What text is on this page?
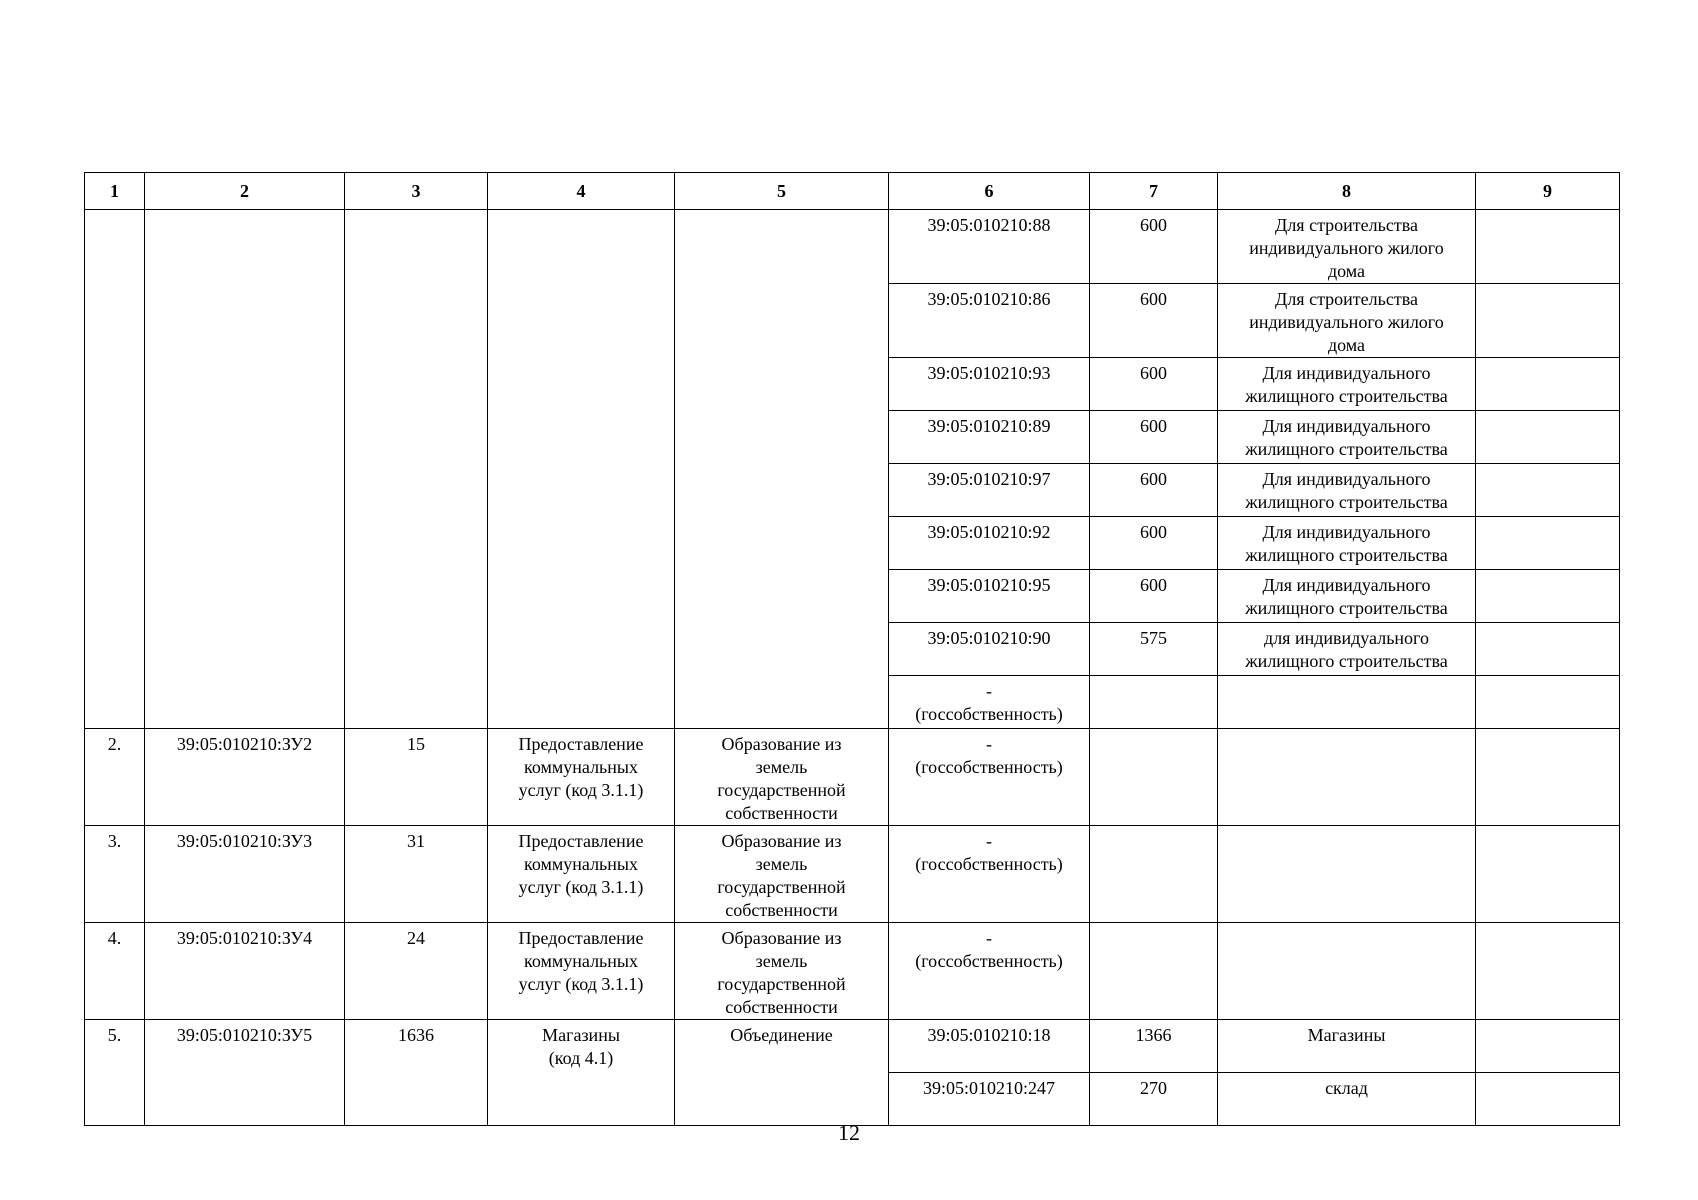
1	2	3	4	5	6	7	8	9
					39:05:010210:88	600	Для строительства
индивидуального жилого
дома	
					39:05:010210:86	600	Для строительства
индивидуального жилого
дома	
					39:05:010210:93	600	Для индивидуального
жилищного строительства	
					39:05:010210:89	600	Для индивидуального
жилищного строительства	
					39:05:010210:97	600	Для индивидуального
жилищного строительства	
					39:05:010210:92	600	Для индивидуального
жилищного строительства	
					39:05:010210:95	600	Для индивидуального
жилищного строительства	
					39:05:010210:90	575	для индивидуального
жилищного строительства	
					-
(госсобственность)			
2.	39:05:010210:ЗУ2	15	Предоставление
коммунальных
услуг (код 3.1.1)	Образование из
земель
государственной
собственности	-
(госсобственность)			
3.	39:05:010210:ЗУ3	31	Предоставление
коммунальных
услуг (код 3.1.1)	Образование из
земель
государственной
собственности	-
(госсобственность)			
4.	39:05:010210:ЗУ4	24	Предоставление
коммунальных
услуг (код 3.1.1)	Образование из
земель
государственной
собственности	-
(госсобственность)			
5.	39:05:010210:ЗУ5	1636	Магазины
(код 4.1)	Объединение	39:05:010210:18	1366	Магазины	
					39:05:010210:247	270	склад	
12
